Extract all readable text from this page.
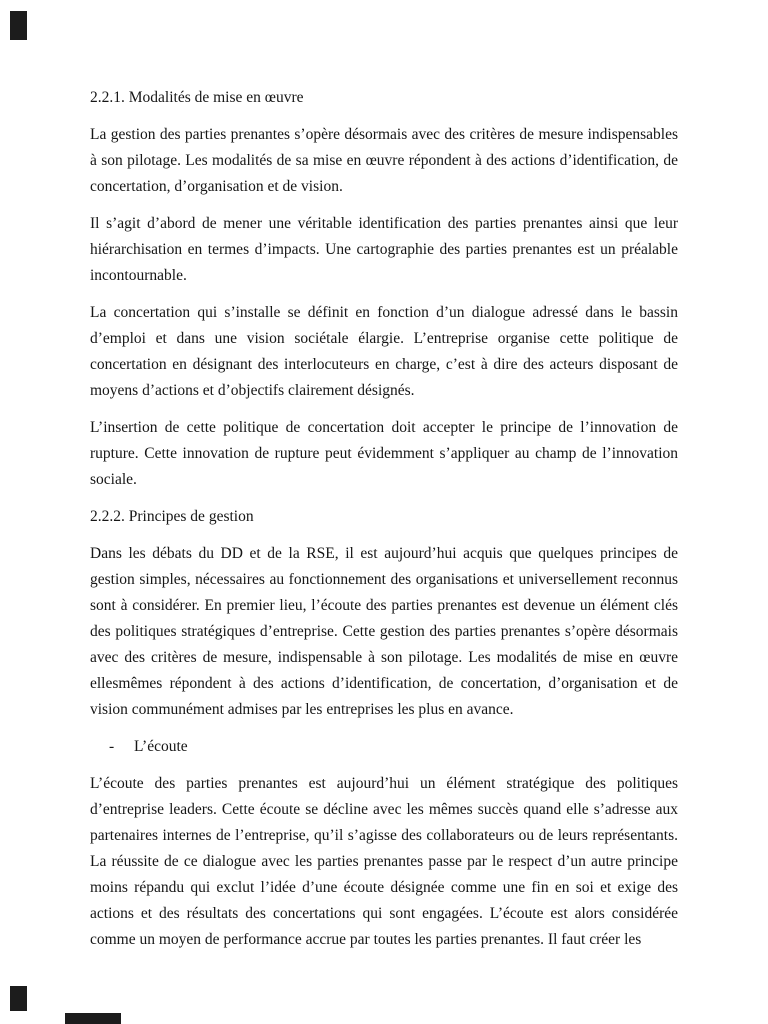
2.2.1. Modalités de mise en œuvre

La gestion des parties prenantes s’opère désormais avec des critères de mesure indispensables à son pilotage. Les modalités de sa mise en œuvre répondent à des actions d’identification, de concertation, d’organisation et de vision.

Il s’agit d’abord de mener une véritable identification des parties prenantes ainsi que leur hiérarchisation en termes d’impacts. Une cartographie des parties prenantes est un préalable incontournable.

La concertation qui s’installe se définit en fonction d’un dialogue adressé dans le bassin d’emploi et dans une vision sociétale élargie. L’entreprise organise cette politique de concertation en désignant des interlocuteurs en charge, c’est à dire des acteurs disposant de moyens d’actions et d’objectifs clairement désignés.

L’insertion de cette politique de concertation doit accepter le principe de l’innovation de rupture. Cette innovation de rupture peut évidemment s’appliquer au champ de l’innovation sociale.

2.2.2. Principes de gestion

Dans les débats du DD et de la RSE, il est aujourd’hui acquis que quelques principes de gestion simples, nécessaires au fonctionnement des organisations et universellement reconnus sont à considérer. En premier lieu, l’écoute des parties prenantes est devenue un élément clés des politiques stratégiques d’entreprise. Cette gestion des parties prenantes s’opère désormais avec des critères de mesure, indispensable à son pilotage. Les modalités de mise en œuvre ellesmêmes répondent à des actions d’identification, de concertation, d’organisation et de vision communément admises par les entreprises les plus en avance.

-	L’écoute

L’écoute des parties prenantes est aujourd’hui un élément stratégique des politiques d’entreprise leaders. Cette écoute se décline avec les mêmes succès quand elle s’adresse aux partenaires internes de l’entreprise, qu’il s’agisse des collaborateurs ou de leurs représentants. La réussite de ce dialogue avec les parties prenantes passe par le respect d’un autre principe moins répandu qui exclut l’idée d’une écoute désignée comme une fin en soi et exige des actions et des résultats des concertations qui sont engagées. L’écoute est alors considérée comme un moyen de performance accrue par toutes les parties prenantes. Il faut créer les
